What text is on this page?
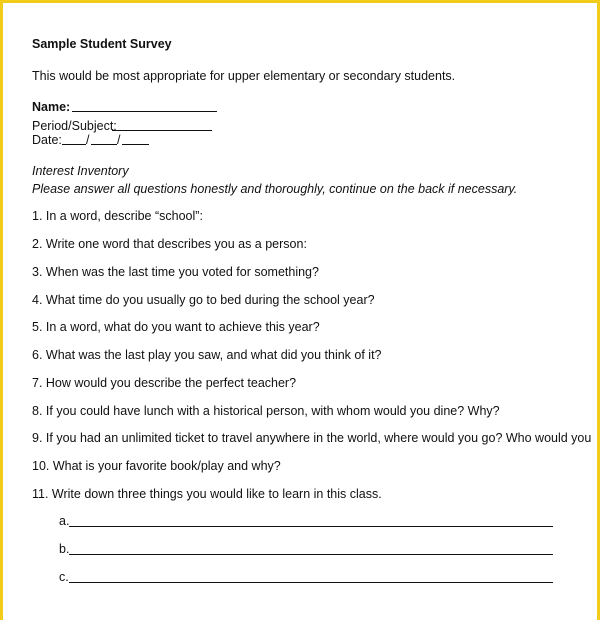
Sample Student Survey
This would be most appropriate for upper elementary or secondary students.
Name:
Period/Subject:
Date: / /
Interest Inventory
Please answer all questions honestly and thoroughly, continue on the back if necessary.
1. In a word, describe “school”:
2. Write one word that describes you as a person:
3. When was the last time you voted for something?
4. What time do you usually go to bed during the school year?
5. In a word, what do you want to achieve this year?
6. What was the last play you saw, and what did you think of it?
7. How would you describe the perfect teacher?
8. If you could have lunch with a historical person, with whom would you dine? Why?
9. If you had an unlimited ticket to travel anywhere in the world, where would you go? Who would you
10. What is your favorite book/play and why?
11. Write down three things you would like to learn in this class.
a.
b.
c.
